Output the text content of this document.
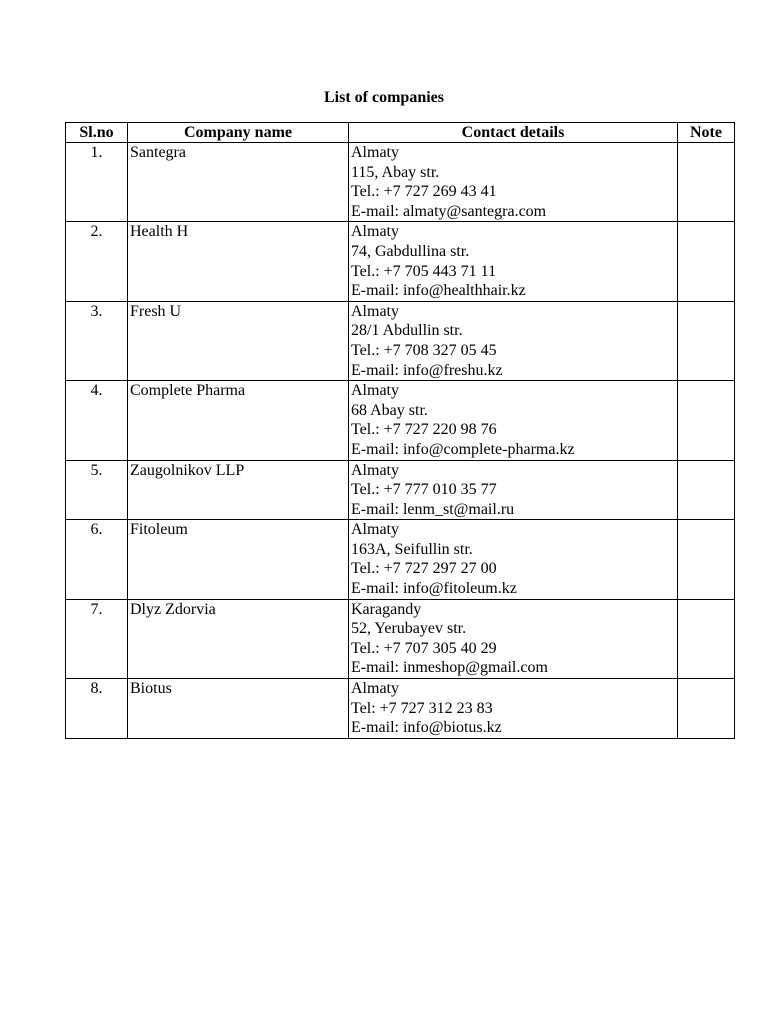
List of companies
Sl.no	Company name	Contact details	Note
1.	Santegra	Almaty
115, Abay str.
Tel.: +7 727 269 43 41
E-mail: almaty@santegra.com	

2.	Health H	Almaty
74, Gabdullina str.
Tel.: +7 705 443 71 11
E-mail: info@healthhair.kz	

3.	Fresh U	Almaty
28/1 Abdullin str.
Tel.: +7 708 327 05 45
E-mail: info@freshu.kz	

4.	Complete Pharma	Almaty
68 Abay str.
Tel.: +7 727 220 98 76
E-mail: info@complete-pharma.kz	

5.	Zaugolnikov LLP	Almaty
Tel.: +7 777 010 35 77
E-mail: lenm_st@mail.ru	

6.	Fitoleum	Almaty
163A, Seifullin str.
Tel.: +7 727 297 27 00
E-mail: info@fitoleum.kz	

7.	Dlyz Zdorvia	Karagandy
52, Yerubayev str.
Tel.: +7 707 305 40 29
E-mail: inmeshop@gmail.com	

8.	Biotus	Almaty
Tel: +7 727 312 23 83
E-mail: info@biotus.kz	
